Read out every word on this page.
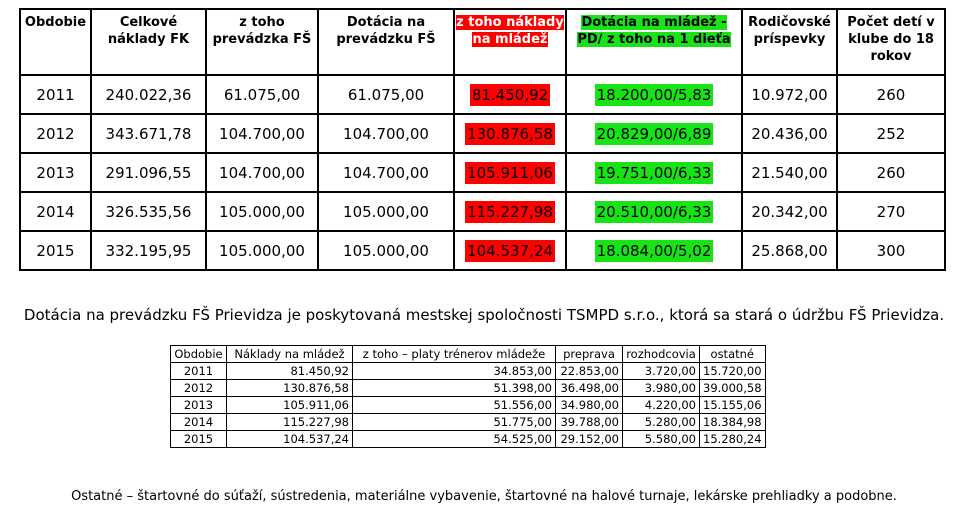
Obdobie	Celkové náklady FK	z toho prevádzka FŠ	Dotácia na prevádzku FŠ	z toho náklady na mládež	Dotácia na mládež - PD/ z toho na 1 dieťa	Rodičovské príspevky	Počet detí v klube do 18 rokov
2011	240.022,36	61.075,00	61.075,00	81.450,92	18.200,00/5,83	10.972,00	260
2012	343.671,78	104.700,00	104.700,00	130.876,58	20.829,00/6,89	20.436,00	252
2013	291.096,55	104.700,00	104.700,00	105.911,06	19.751,00/6,33	21.540,00	260
2014	326.535,56	105.000,00	105.000,00	115.227,98	20.510,00/6,33	20.342,00	270
2015	332.195,95	105.000,00	105.000,00	104.537,24	18.084,00/5,02	25.868,00	300
Dotácia na prevádzku FŠ Prievidza je poskytovaná mestskej spoločnosti TSMPD s.r.o., ktorá sa stará o údržbu FŠ Prievidza.
Obdobie	Náklady na mládež	z toho – platy trénerov mládeže	preprava	rozhodcovia	ostatné
2011	81.450,92	34.853,00	22.853,00	3.720,00	15.720,00
2012	130.876,58	51.398,00	36.498,00	3.980,00	39.000,58
2013	105.911,06	51.556,00	34.980,00	4.220,00	15.155,06
2014	115.227,98	51.775,00	39.788,00	5.280,00	18.384,98
2015	104.537,24	54.525,00	29.152,00	5.580,00	15.280,24
Ostatné – štartovné do súťaží, sústredenia, materiálne vybavenie, štartovné na halové turnaje, lekárske prehliadky a podobne.
